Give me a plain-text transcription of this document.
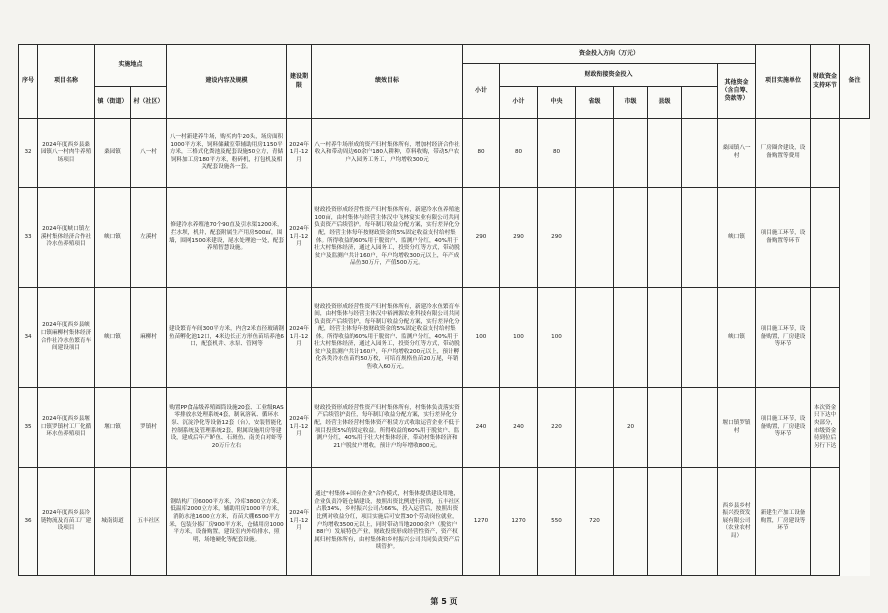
序号	项目名称	实施地点		建设内容及规模	建设期限	绩效目标	资金投入方向（万元）								项目实施单位	财政资金支持环节	备注
							小计	财政衔接资金投入						其他资金（含自筹、贷款等）			
		镇（街道）	村（社区）					小计	中央	省级	市级	县级					
32	2024年度西乡县桑园镇八一村肉牛养殖场项目	桑园镇	八一村	八一村新建养牛场，购买肉牛20头，场房面积1000平方米，饲料储藏室带辅助用房1150平方米，三格式化粪池及配套设施50立方，青储饲料加工房180平方米，粉碎机，打包机及相关配套设施各一套。	2024年1月-12月	八一村养牛场形成的资产归村集体所有，增加村经济合作社收入和带动周边60余户180人耕种，草料收购，带动5户农户入园务工务工，户均增收300元	80	80	80					桑园镇八一村	厂房圈舍建设，设备购置等费用		
33	2024年度峡口镇左溪村集体经济合作社冷水鱼养殖项目	峡口镇	左溪村	修建冷水养殖池70个90直及引水渠1200米，拦水坝，机井，配套附属生产用房500㎡，围墙，围网1500米建设，尾水处理池一处，配套养殖智慧设施。	2024年1月-12月	财政投资形成经营性资产归村集体所有，新建冷水鱼养殖池100亩，由村集体与经营主体汉中飞林宴实业有限公司共同负责资产后续管护。每年制订收益分配方案，实行差异化分配，经营主体每年按财政资金的5%固定收益支付给村集体。所得收益的60%用于脱贫户、监测户分红，40%用于壮大村集体经济，通过入园务工，投资分红等方式，带动脱贫户及监测户共计160户，年户均增收300元以上，年产成品鱼30万斤，产值500万元。	290	290	290					峡口镇	项目施工环节，设备购置等环节		
34	2024年度西乡县峡口镇麻柳村集体经济合作社冷水鱼繁育车间建设项目	峡口镇	麻柳村	建设繁育车间300平方米，内含2米直径玻璃钢鱼苗孵化池12口，4米边长正方形鱼苗培养池6口，配套机井、水泵、管网等	2024年1月-12月	财政投资形成经营性资产归村集体所有，新建冷水鱼繁育车间，由村集体与经营主体汉中裕洲源农业科技有限公司共同负责资产后续管护，每年制订收益分配方案，实行差异化分配，经营主体每年按财政资金的5%固定收益支付给村集体。所得收益的60%用于脱贫户、监测户分红，40%用于壮大村集体经济，通过入园务工，投资分红等方式，带动脱贫户及监测户共计160户，年户均增收200元以上，预计孵化各类冷水鱼苗约50万枚，可培育规格鱼苗20万尾，年销售收入60万元。	100	100	100					峡口镇	项目施工环节，设备购置，厂房建设等环节		
35	2024年度西乡县堰口镇罗镇村工厂化循环水鱼养殖项目	堰口镇	罗镇村	购置PP食品级养殖圆筒设施20套、工业级RAS零排放水处理系统4套，制氧溶氧、循环水泵、沉淀净化等设备12套（台），安装智能化控制系统及管理系统2套，附属设施用房等建设，建成后年产鲈鱼、石斑鱼、南美白对虾等20万斤左右	2024年1月-12月	财政投资形成经营性资产归村集体所有，村集体负责落实资产后续管护责任，每年制订收益分配方案，实行差异化分配，经营主体经营村集体资产租赁方式收取运营企业不低于项目投资5%的固定收益。所得收益的60%用于脱贫户、监测户分红，40%用于壮大村集体经济，带动村集体经济和21户脱贫户增收，预计户均年增收800元。	240	240	220		20			堰口镇罗镇村	项目施工环节，设备购置，厂房建设等环节	本次资金只下达中央部分，市级资金待到位后另行下达	
36	2024年度西乡县冷链物流及育苗工厂建设项目	城南街道	五丰社区	钢结构厂房6000平方米，冷库3800立方米，低温库2000立方米，辅助用房1000平方米，消防水池1600立方米，育苗大棚6500平方米，包装分拣厂房900平方米，仓储用房1000平方米，设备购置，建设室内外给排水，照明，场地硬化等配套设施。	2024年1月-12月	通过"村集体+国有企业"合作模式，村集体提供建设用地，企业负责冷链仓储建设，按照出资比例进行折股，五丰社区占股34%，乡村振兴公司占66%，投入运营后，按照出资比例对收益分红，项目实施后可安置30个劳动岗位就业，户均增收3500元以上，同时带动当地2000余户（脱贫户88户）发展特色产业，财政投资形成经营性资产，资产权属归村集体所有，由村集体和乡村振兴公司共同负责资产后续管护。	1270	1270	550	720				西乡县乡村振兴投资发展有限公司（农业农村局）	新建生产加工设备购置，厂房建设等环节		
第 5 页
